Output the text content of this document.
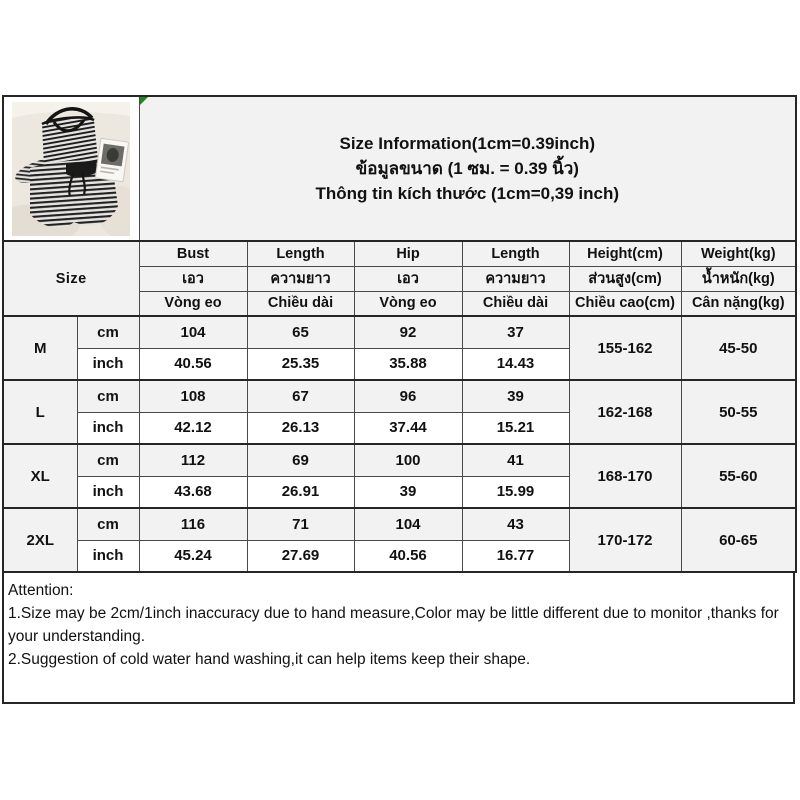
Size Information(1cm=0.39inch)
ข้อมูลขนาด (1 ซม. = 0.39 นิ้ว)
Thông tin kích thước (1cm=0,39 inch)					

Size		Bust	Length	Hip	Length	Height(cm)	Weight(kg)
		เอว	ความยาว	เอว	ความยาว	ส่วนสูง(cm)	น้ำหนัก(kg)
		Vòng eo	Chiều dài	Vòng eo	Chiều dài	Chiều cao(cm)	Cân nặng(kg)
M	cm	104	65	92	37	155-162	45-50
	inch	40.56	25.35	35.88	14.43		
L	cm	108	67	96	39	162-168	50-55
	inch	42.12	26.13	37.44	15.21		
XL	cm	112	69	100	41	168-170	55-60
	inch	43.68	26.91	39	15.99		
2XL	cm	116	71	104	43	170-172	60-65
	inch	45.24	27.69	40.56	16.77		
Attention:
1.Size may be 2cm/1inch inaccuracy due to hand measure,Color may be little different due to monitor ,thanks for your understanding.
2.Suggestion of cold water hand washing,it can help items keep their shape.
